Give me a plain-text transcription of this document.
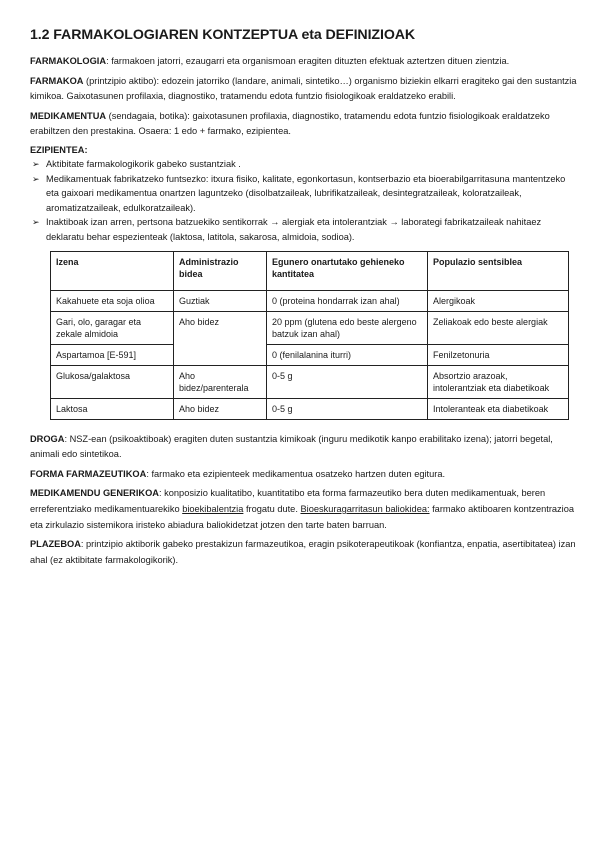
1.2 FARMAKOLOGIAREN KONTZEPTUA eta DEFINIZIOAK

FARMAKOLOGIA: farmakoen jatorri, ezaugarri eta organismoan eragiten dituzten efektuak aztertzen dituen zientzia.

FARMAKOA (printzipio aktibo): edozein jatorriko (landare, animali, sintetiko…) organismo biziekin elkarri eragiteko gai den sustantzia kimikoa. Gaixotasunen profilaxia, diagnostiko, tratamendu edota funtzio fisiologikoak eraldatzeko erabili.

MEDIKAMENTUA (sendagaia, botika): gaixotasunen profilaxia, diagnostiko, tratamendu edota funtzio fisiologikoak eraldatzeko erabiltzen den prestakina. Osaera: 1 edo + farmako, ezipientea.

EZIPIENTEA:
➢ Aktibitate farmakologikorik gabeko sustantziak .
➢ Medikamentuak fabrikatzeko funtsezko: itxura fisiko, kalitate, egonkortasun, kontserbazio eta bioerabilgarritasuna mantentzeko eta gaixoari medikamentua onartzen laguntzeko (disolbatzaileak, lubrifikatzaileak, desintegratzaileak, koloratzaileak, aromatizatzaileak, edulkoratzaileak).
➢ Inaktiboak izan arren, pertsona batzuekiko sentikorrak → alergiak eta intolerantziak → laborategi fabrikatzaileak nahitaez deklaratu behar espezienteak (laktosa, latitola, sakarosa, almidoia, sodioa).
Izena	Administrazio bidea	Egunero onartutako gehieneko kantitatea	Populazio sentsiblea
Kakahuete eta soja olioa	Guztiak	0 (proteina hondarrak izan ahal)	Alergikoak
Gari, olo, garagar eta zekale almidoia	Aho bidez	20 ppm (glutena edo beste alergeno batzuk izan ahal)	Zeliakoak edo beste alergiak
Aspartamoa [E-591]		0 (fenilalanina iturri)	Fenilzetonuria
Glukosa/galaktosa	Aho bidez/parenterala	0-5 g	Absortzio arazoak, intolerantziak eta diabetikoak
Laktosa	Aho bidez	0-5 g	Intoleranteak eta diabetikoak

DROGA: NSZ-ean (psikoaktiboak) eragiten duten sustantzia kimikoak (inguru medikotik kanpo erabilitako izena); jatorri begetal, animali edo sintetikoa.

FORMA FARMAZEUTIKOA: farmako eta ezipienteek medikamentua osatzeko hartzen duten egitura.

MEDIKAMENDU GENERIKOA: konposizio kualitatibo, kuantitatibo eta forma farmazeutiko bera duten medikamentuak, beren erreferentziako medikamentuarekiko bioekibalentzia frogatu dute. Bioeskuragarritasun baliokidea: farmako aktiboaren kontzentrazioa eta zirkulazio sistemikora iristeko abiadura baliokidetzat jotzen den tarte baten barruan.

PLAZEBOA: printzipio aktiborik gabeko prestakizun farmazeutikoa, eragin psikoterapeutikoak (konfiantza, enpatia, asertibitatea) izan ahal (ez aktibitate farmakologikorik).
